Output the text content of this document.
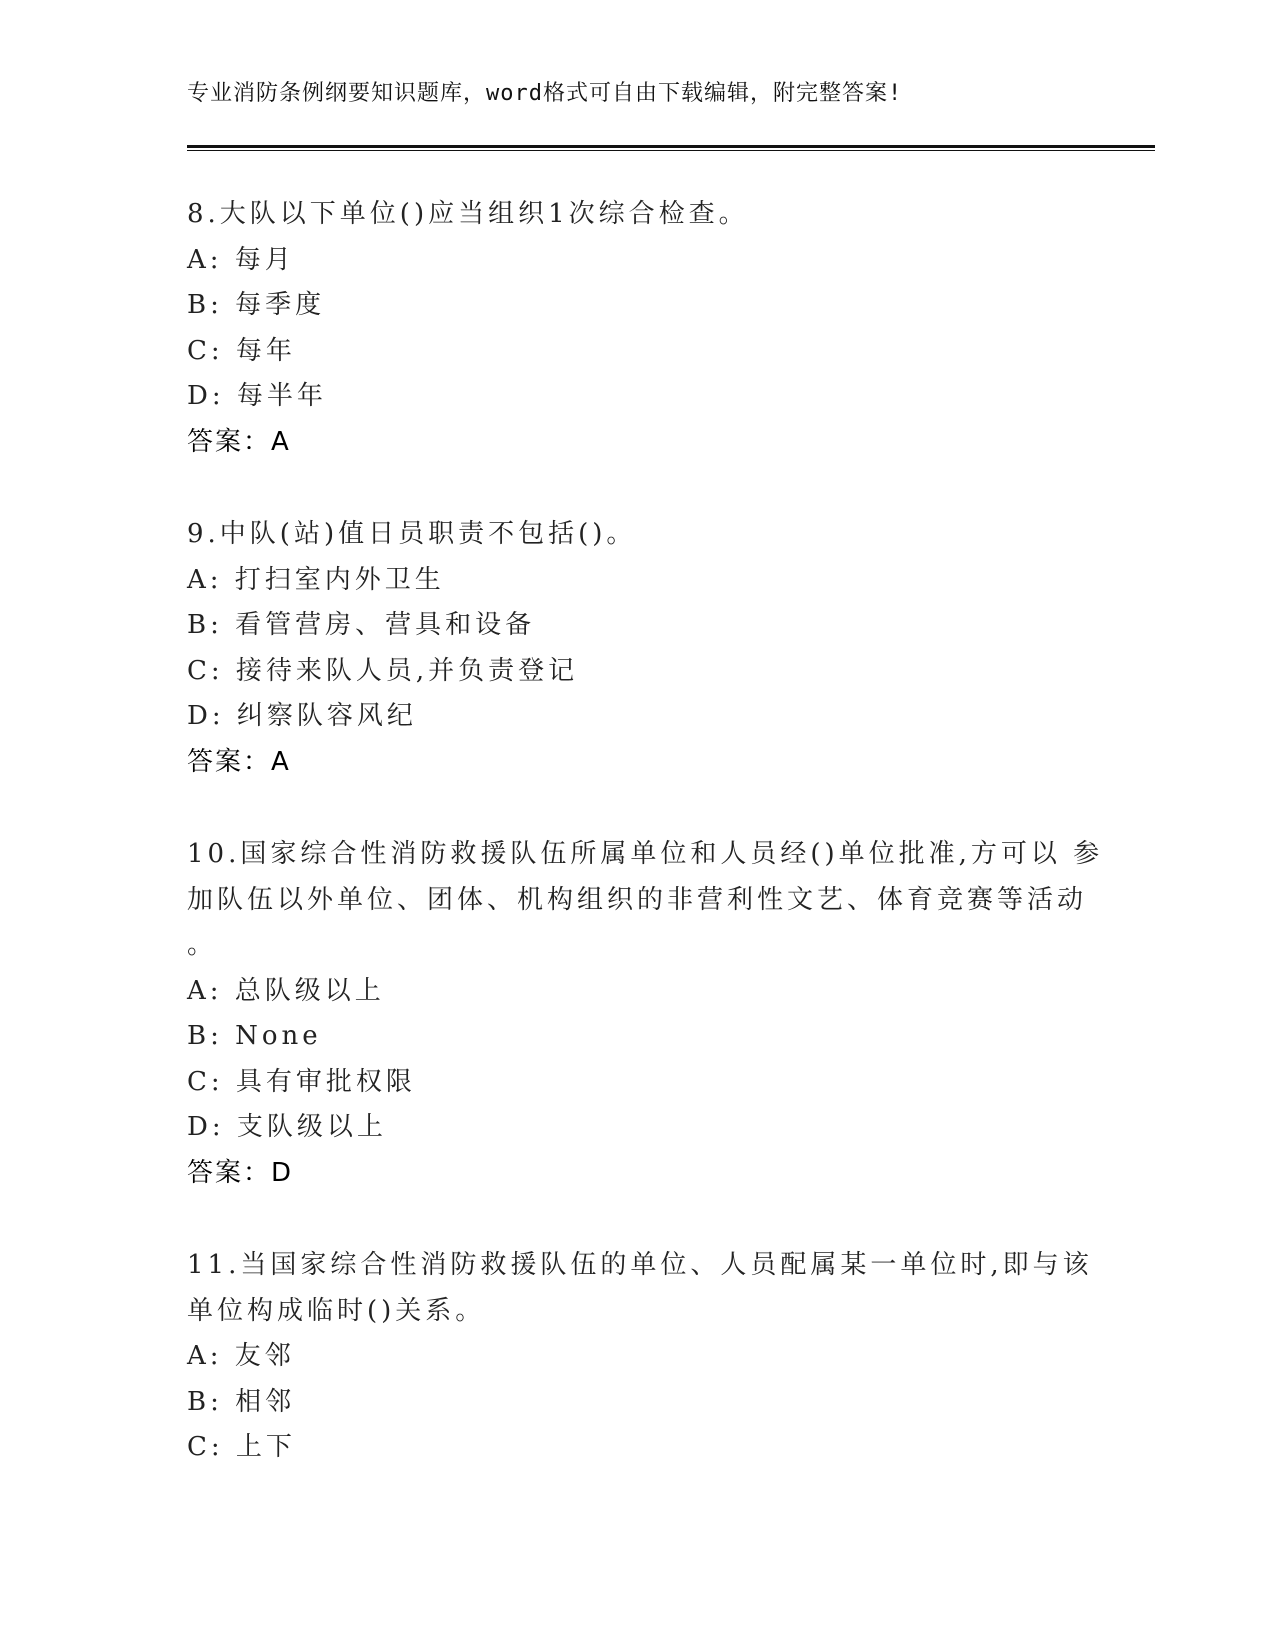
专业消防条例纲要知识题库，word格式可自由下载编辑，附完整答案!
8.大队以下单位()应当组织1次综合检查。
A: 每月
B: 每季度
C: 每年
D: 每半年
答案：A
9.中队(站)值日员职责不包括()。
A: 打扫室内外卫生
B: 看管营房、营具和设备
C: 接待来队人员,并负责登记
D: 纠察队容风纪
答案：A
10.国家综合性消防救援队伍所属单位和人员经()单位批准,方可以 参
加队伍以外单位、团体、机构组织的非营利性文艺、体育竞赛等活动
。
A: 总队级以上
B: None
C: 具有审批权限
D: 支队级以上
答案：D
11.当国家综合性消防救援队伍的单位、人员配属某一单位时,即与该
单位构成临时()关系。
A: 友邻
B: 相邻
C: 上下
